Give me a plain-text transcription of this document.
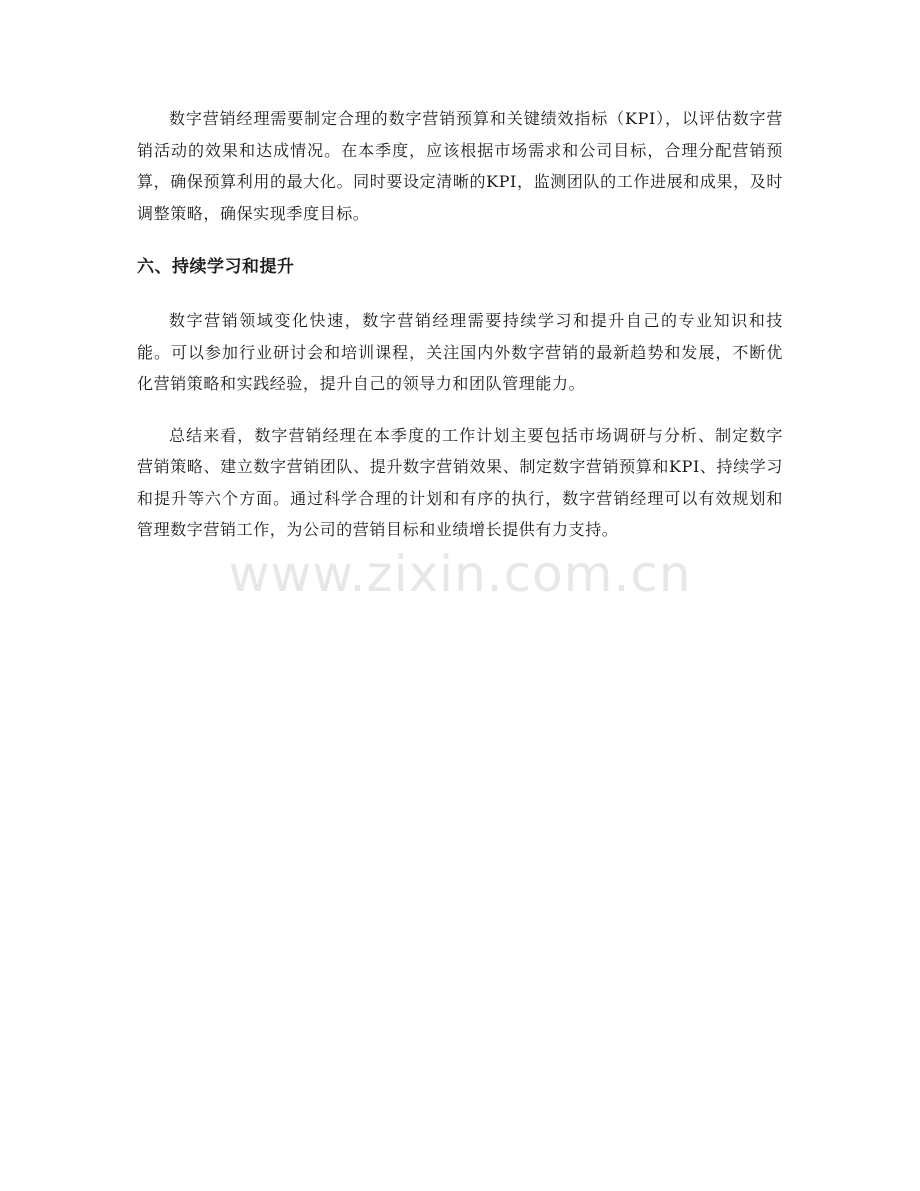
数字营销经理需要制定合理的数字营销预算和关键绩效指标（KPI），以评估数字营销活动的效果和达成情况。在本季度，应该根据市场需求和公司目标，合理分配营销预算，确保预算利用的最大化。同时要设定清晰的KPI，监测团队的工作进展和成果，及时调整策略，确保实现季度目标。

六、持续学习和提升

数字营销领域变化快速，数字营销经理需要持续学习和提升自己的专业知识和技能。可以参加行业研讨会和培训课程，关注国内外数字营销的最新趋势和发展，不断优化营销策略和实践经验，提升自己的领导力和团队管理能力。

总结来看，数字营销经理在本季度的工作计划主要包括市场调研与分析、制定数字营销策略、建立数字营销团队、提升数字营销效果、制定数字营销预算和KPI、持续学习和提升等六个方面。通过科学合理的计划和有序的执行，数字营销经理可以有效规划和管理数字营销工作，为公司的营销目标和业绩增长提供有力支持。

www.zixin.com.cn
